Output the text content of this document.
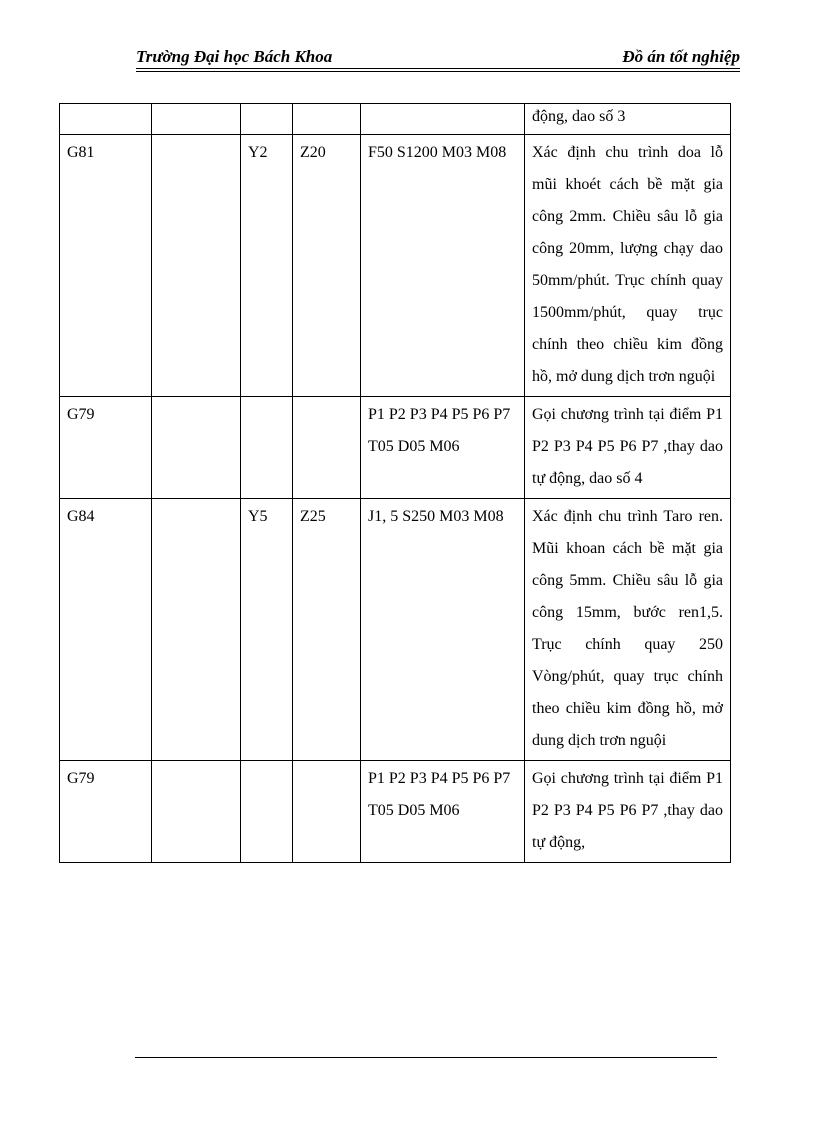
Trường Đại học Bách Khoa	Đồ án tốt nghiệp
					động, dao số 3
G81		Y2	Z20	F50 S1200 M03 M08	Xác định chu trình doa lỗ mũi khoét cách bề mặt gia công 2mm. Chiều sâu lỗ gia công 20mm, lượng chạy dao 50mm/phút. Trục chính quay 1500mm/phút, quay trục chính theo chiều kim đồng hồ, mở dung dịch trơn nguội
G79				P1 P2 P3 P4 P5 P6 P7 T05 D05 M06	Gọi chương trình tại điểm P1 P2 P3 P4 P5 P6 P7 ,thay dao tự động, dao số 4
G84		Y5	Z25	J1, 5 S250 M03 M08	Xác định chu trình Taro ren. Mũi khoan cách bề mặt gia công 5mm. Chiều sâu lỗ gia công 15mm, bước ren1,5. Trục chính quay 250 Vòng/phút, quay trục chính theo chiều kim đồng hồ, mở dung dịch trơn nguội
G79				P1 P2 P3 P4 P5 P6 P7 T05 D05 M06	Gọi chương trình tại điểm P1 P2 P3 P4 P5 P6 P7 ,thay dao tự động,
